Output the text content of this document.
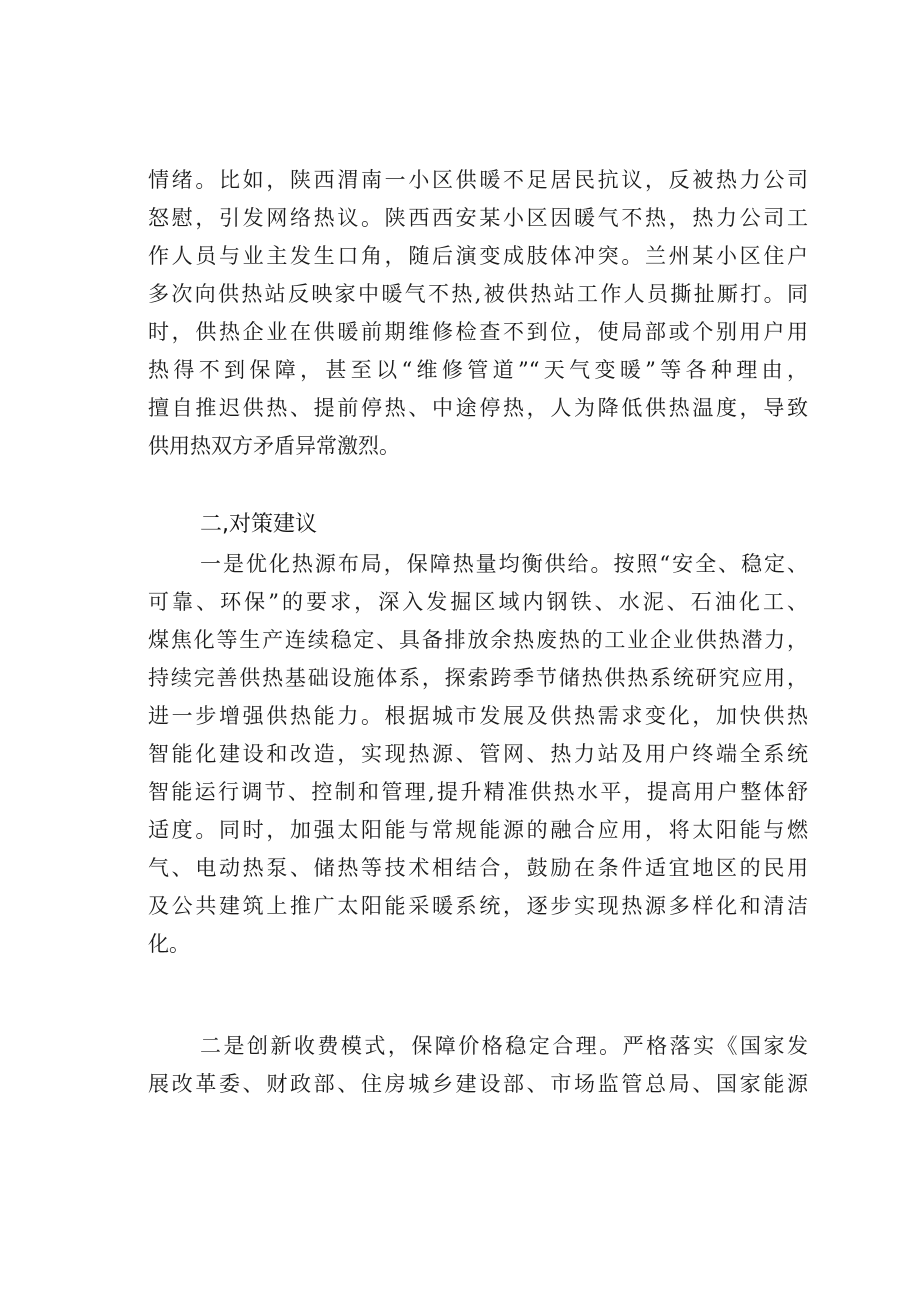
情绪。比如，陕西渭南一小区供暖不足居民抗议，反被热力公司
怒慰，引发网络热议。陕西西安某小区因暖气不热，热力公司工
作人员与业主发生口角，随后演变成肢体冲突。兰州某小区住户
多次向供热站反映家中暖气不热,被供热站工作人员撕扯厮打。同
时，供热企业在供暖前期维修检查不到位，使局部或个别用户用
热得不到保障，甚至以“维修管道”“天气变暖”等各种理由，
擅自推迟供热、提前停热、中途停热，人为降低供热温度，导致
供用热双方矛盾异常激烈。
二,对策建议
一是优化热源布局，保障热量均衡供给。按照“安全、稳定、
可靠、环保”的要求，深入发掘区域内钢铁、水泥、石油化工、
煤焦化等生产连续稳定、具备排放余热废热的工业企业供热潜力，
持续完善供热基础设施体系，探索跨季节储热供热系统研究应用，
进一步增强供热能力。根据城市发展及供热需求变化，加快供热
智能化建设和改造，实现热源、管网、热力站及用户终端全系统
智能运行调节、控制和管理,提升精准供热水平，提高用户整体舒
适度。同时，加强太阳能与常规能源的融合应用，将太阳能与燃
气、电动热泵、储热等技术相结合，鼓励在条件适宜地区的民用
及公共建筑上推广太阳能采暖系统，逐步实现热源多样化和清洁
化。
二是创新收费模式，保障价格稳定合理。严格落实《国家发
展改革委、财政部、住房城乡建设部、市场监管总局、国家能源
